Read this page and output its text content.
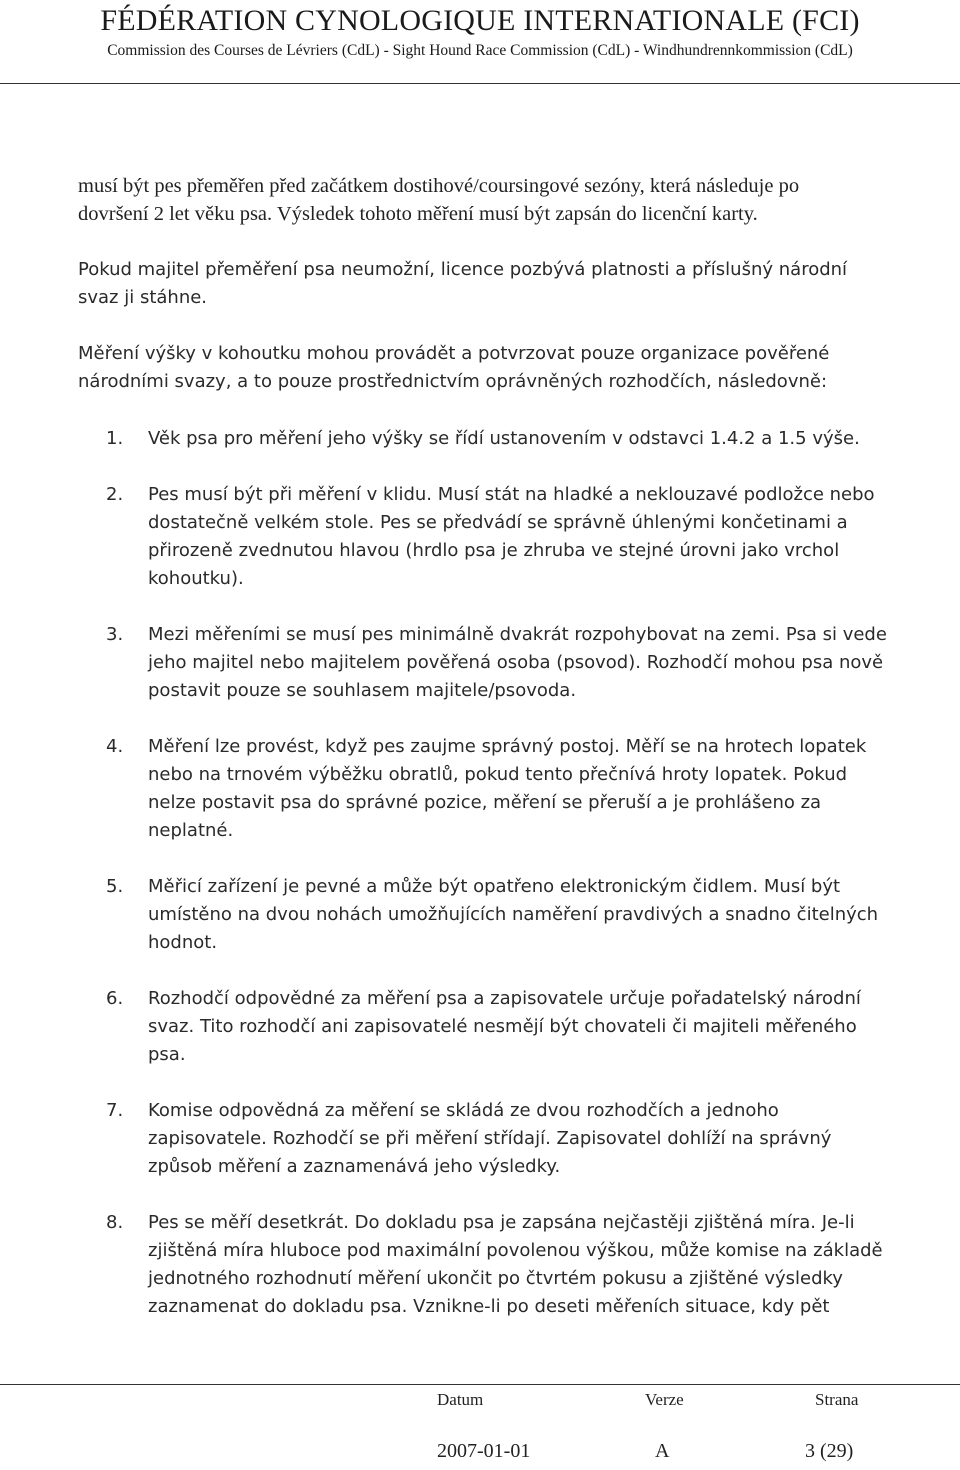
FÉDÉRATION CYNOLOGIQUE INTERNATIONALE (FCI)
Commission des Courses de Lévriers (CdL) - Sight Hound Race Commission (CdL) - Windhundrennkommission (CdL)
musí být pes přeměřen před začátkem dostihové/coursingové sezóny, která následuje po
dovršení 2 let věku psa. Výsledek tohoto měření musí být zapsán do licenční karty.
Pokud majitel přeměření psa neumožní, licence pozbývá platnosti a příslušný národní
svaz ji stáhne.
Měření výšky v kohoutku mohou provádět a potvrzovat pouze organizace pověřené
národními svazy, a to pouze prostřednictvím oprávněných rozhodčích, následovně:
1. Věk psa pro měření jeho výšky se řídí ustanovením v odstavci 1.4.2 a 1.5 výše.
2. Pes musí být při měření v klidu. Musí stát na hladké a neklouzavé podložce nebo
dostatečně velkém stole. Pes se předvádí se správně úhlenými končetinami a
přirozeně zvednutou hlavou (hrdlo psa je zhruba ve stejné úrovni jako vrchol
kohoutku).
3. Mezi měřeními se musí pes minimálně dvakrát rozpohybovat na zemi. Psa si vede
jeho majitel nebo majitelem pověřená osoba (psovod). Rozhodčí mohou psa nově
postavit pouze se souhlasem majitele/psovoda.
4. Měření lze provést, když pes zaujme správný postoj. Měří se na hrotech lopatek
nebo na trnovém výběžku obratlů, pokud tento přečnívá hroty lopatek. Pokud
nelze postavit psa do správné pozice, měření se přeruší a je prohlášeno za
neplatné.
5. Měřicí zařízení je pevné a může být opatřeno elektronickým čidlem. Musí být
umístěno na dvou nohách umožňujících naměření pravdivých a snadno čitelných
hodnot.
6. Rozhodčí odpovědné za měření psa a zapisovatele určuje pořadatelský národní
svaz. Tito rozhodčí ani zapisovatelé nesmějí být chovateli či majiteli měřeného
psa.
7. Komise odpovědná za měření se skládá ze dvou rozhodčích a jednoho
zapisovatele. Rozhodčí se při měření střídají. Zapisovatel dohlíží na správný
způsob měření a zaznamenává jeho výsledky.
8. Pes se měří desetkrát. Do dokladu psa je zapsána nejčastěji zjištěná míra. Je-li
zjištěná míra hluboce pod maximální povolenou výškou, může komise na základě
jednotného rozhodnutí měření ukončit po čtvrtém pokusu a zjištěné výsledky
zaznamenat do dokladu psa. Vznikne-li po deseti měřeních situace, kdy pět
Datum	Verze	Strana
2007-01-01	A	3 (29)
